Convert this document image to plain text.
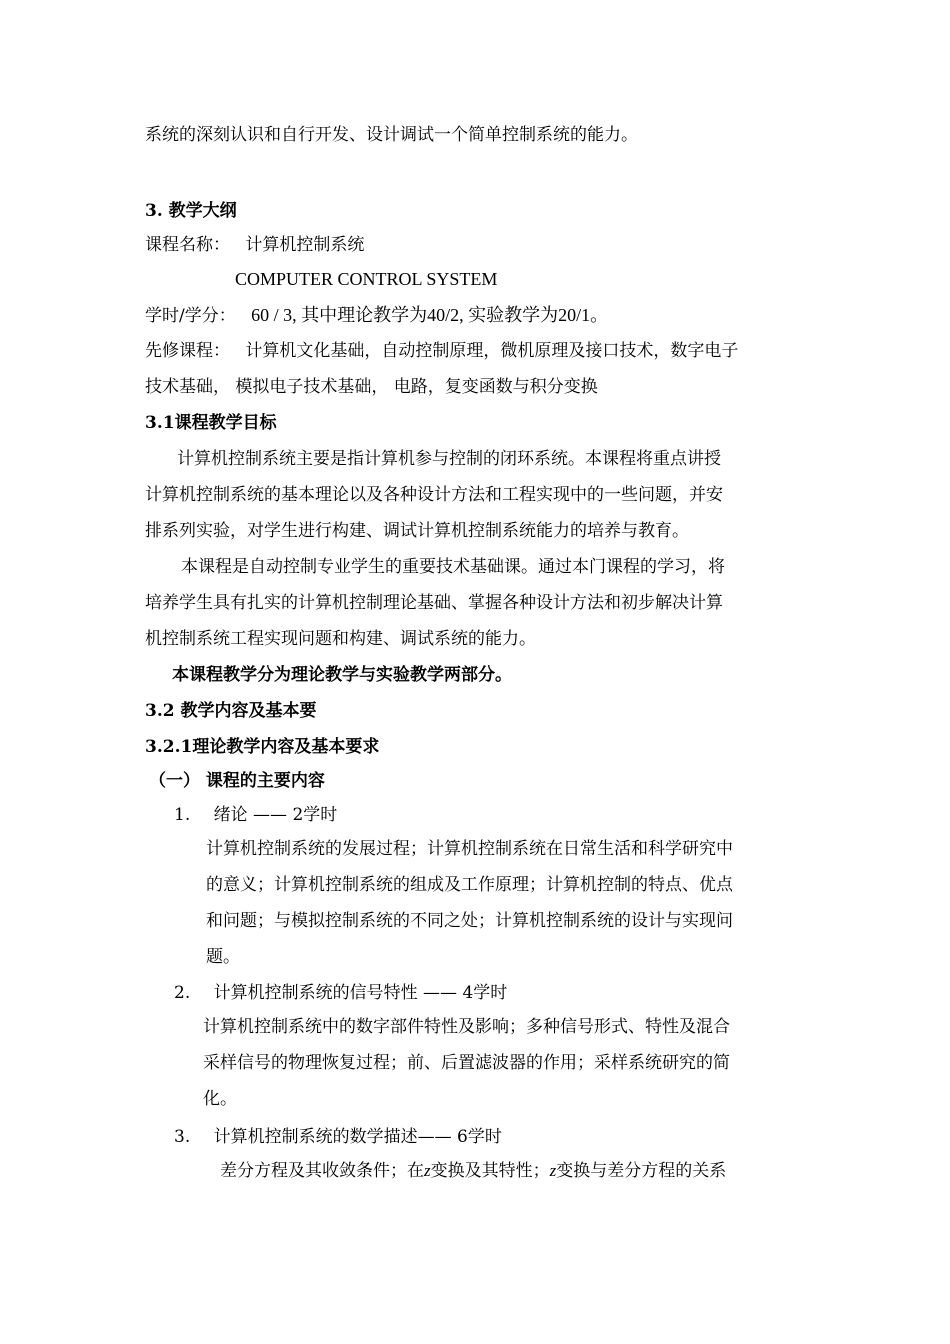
系统的深刻认识和自行开发、设计调试一个简单控制系统的能力。
3. 教学大纲
课程名称： 计算机控制系统
COMPUTER CONTROL SYSTEM
学时/学分： 60 / 3, 其中理论教学为40/2, 实验教学为20/1。
先修课程： 计算机文化基础，自动控制原理，微机原理及接口技术，数字电子
技术基础， 模拟电子技术基础， 电路，复变函数与积分变换
3.1课程教学目标
计算机控制系统主要是指计算机参与控制的闭环系统。本课程将重点讲授
计算机控制系统的基本理论以及各种设计方法和工程实现中的一些问题，并安
排系列实验，对学生进行构建、调试计算机控制系统能力的培养与教育。
本课程是自动控制专业学生的重要技术基础课。通过本门课程的学习，将
培养学生具有扎实的计算机控制理论基础、掌握各种设计方法和初步解决计算
机控制系统工程实现问题和构建、调试系统的能力。
本课程教学分为理论教学与实验教学两部分。
3.2 教学内容及基本要
3.2.1理论教学内容及基本要求
（一） 课程的主要内容
1. 绪论 —— 2学时
计算机控制系统的发展过程；计算机控制系统在日常生活和科学研究中
的意义；计算机控制系统的组成及工作原理；计算机控制的特点、优点
和问题；与模拟控制系统的不同之处；计算机控制系统的设计与实现问
题。
2. 计算机控制系统的信号特性 —— 4学时
计算机控制系统中的数字部件特性及影响；多种信号形式、特性及混合
采样信号的物理恢复过程；前、后置滤波器的作用；采样系统研究的简
化。
3. 计算机控制系统的数学描述—— 6学时
差分方程及其收敛条件；在z变换及其特性；z变换与差分方程的关系
